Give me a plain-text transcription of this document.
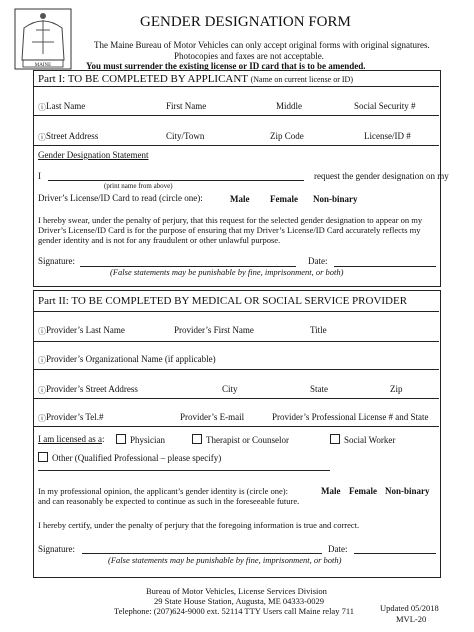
MAINE
GENDER DESIGNATION FORM
The Maine Bureau of Motor Vehicles can only accept original forms with original signatures.
Photocopies and faxes are not acceptable.
You must surrender the existing license or ID card that is to be amended.
Part I: TO BE COMPLETED BY APPLICANT (Name on current license or ID)
ⓘ Last Name	First Name	Middle	Social Security #
ⓘ Street Address	City/Town	Zip Code	License/ID #
Gender Designation Statement
I	request the gender designation on my
(print name from above)
Driver’s License/ID Card to read (circle one):	Male Female Non-binary
I hereby swear, under the penalty of perjury, that this request for the selected gender designation to appear on my
Driver’s License/ID Card is for the purpose of ensuring that my Driver’s License/ID Card accurately reflects my
gender identity and is not for any fraudulent or other unlawful purpose.
Signature:	Date:
(False statements may be punishable by fine, imprisonment, or both)
Part II: TO BE COMPLETED BY MEDICAL OR SOCIAL SERVICE PROVIDER
ⓘ Provider’s Last Name	Provider’s First Name	Title
ⓘ Provider’s Organizational Name (if applicable)
ⓘ Provider’s Street Address	City	State	Zip
ⓘ Provider’s Tel.#	Provider’s E-mail	Provider’s Professional License # and State
I am licensed as a:	Physician	Therapist or Counselor	Social Worker
Other (Qualified Professional – please specify)
In my professional opinion, the applicant’s gender identity is (circle one):	Male Female Non-binary
and can reasonably be expected to continue as such in the foreseeable future.
I hereby certify, under the penalty of perjury that the foregoing information is true and correct.
Signature:	Date:
(False statements may be punishable by fine, imprisonment, or both)
Bureau of Motor Vehicles, License Services Division
29 State House Station, Augusta, ME 04333-0029
Telephone: (207)624-9000 ext. 52114 TTY Users call Maine relay 711	Updated 05/2018
MVL-20
